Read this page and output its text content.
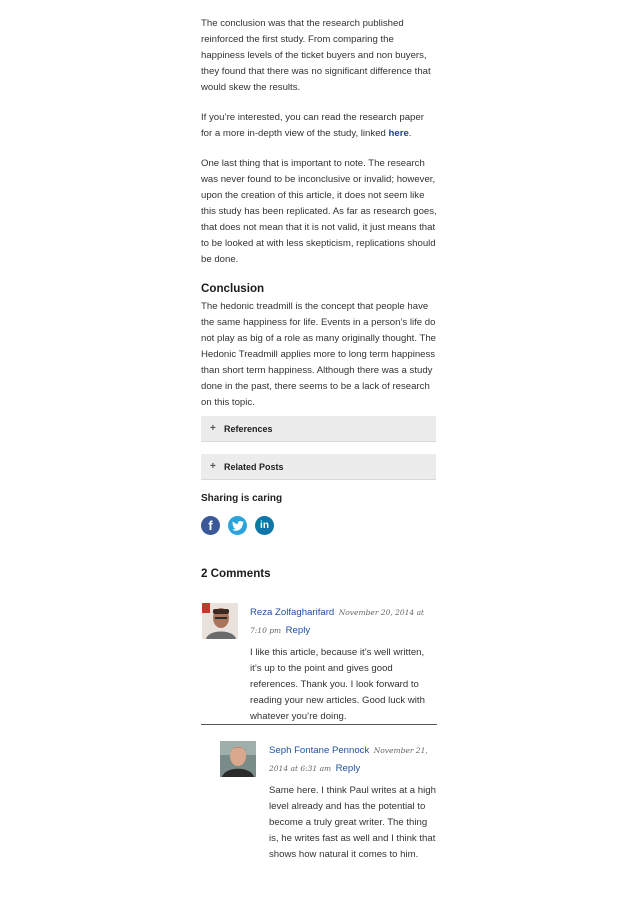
The conclusion was that the research published reinforced the first study. From comparing the happiness levels of the ticket buyers and non buyers, they found that there was no significant difference that would skew the results.

If you’re interested, you can read the research paper for a more in-depth view of the study, linked here.

One last thing that is important to note. The research was never found to be inconclusive or invalid; however, upon the creation of this article, it does not seem like this study has been replicated. As far as research goes, that does not mean that it is not valid, it just means that to be looked at with less skepticism, replications should be done.

Conclusion

The hedonic treadmill is the concept that people have the same happiness for life. Events in a person’s life do not play as big of a role as many originally thought. The Hedonic Treadmill applies more to long term happiness than short term happiness. Although there was a study done in the past, there seems to be a lack of research on this topic.

+ References
+ Related Posts
Sharing is caring
f	in
2 Comments
Reza Zolfagharifard November 20, 2014 at 7:10 pm Reply

I like this article, because it’s well written, it’s up to the point and gives good references. Thank you. I look forward to reading your new articles. Good luck with whatever you’re doing.

Seph Fontane Pennock November 21, 2014 at 6:31 am Reply

Same here. I think Paul writes at a high level already and has the potential to become a truly great writer. The thing is, he writes fast as well and I think that shows how natural it comes to him.
